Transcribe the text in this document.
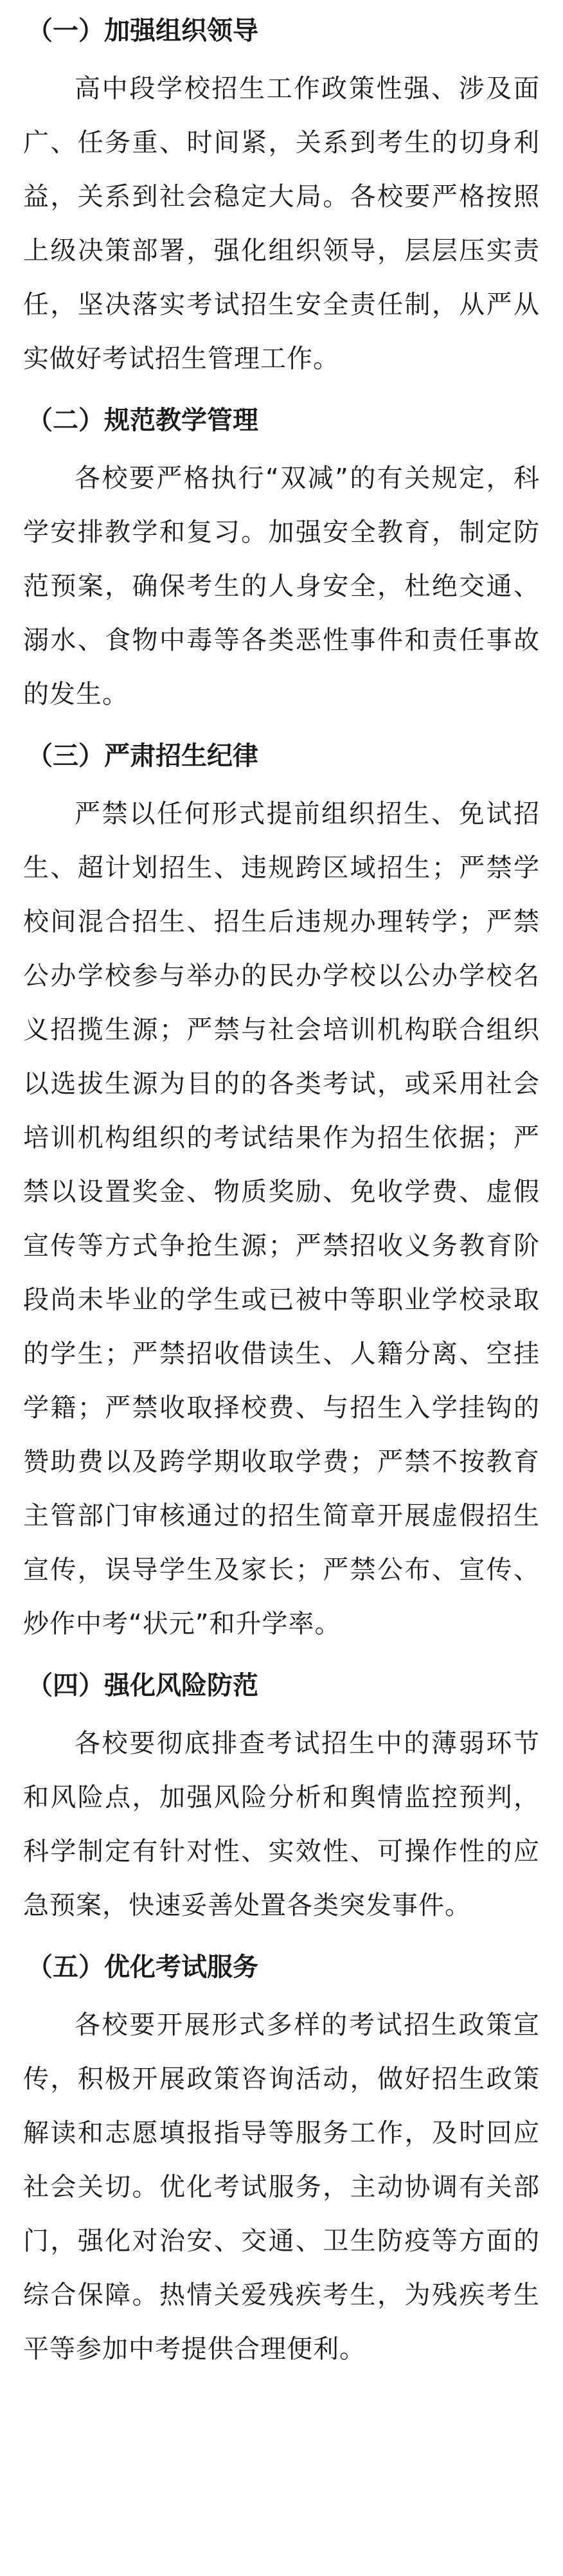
（一）加强组织领导

高中段学校招生工作政策性强、涉及面广、任务重、时间紧，关系到考生的切身利益，关系到社会稳定大局。各校要严格按照上级决策部署，强化组织领导，层层压实责任，坚决落实考试招生安全责任制，从严从实做好考试招生管理工作。

（二）规范教学管理

各校要严格执行“双减”的有关规定，科学安排教学和复习。加强安全教育，制定防范预案，确保考生的人身安全，杜绝交通、溺水、食物中毒等各类恶性事件和责任事故的发生。

（三）严肃招生纪律

严禁以任何形式提前组织招生、免试招生、超计划招生、违规跨区域招生；严禁学校间混合招生、招生后违规办理转学；严禁公办学校参与举办的民办学校以公办学校名义招揽生源；严禁与社会培训机构联合组织以选拔生源为目的的各类考试，或采用社会培训机构组织的考试结果作为招生依据；严禁以设置奖金、物质奖励、免收学费、虚假宣传等方式争抢生源；严禁招收义务教育阶段尚未毕业的学生或已被中等职业学校录取的学生；严禁招收借读生、人籍分离、空挂学籍；严禁收取择校费、与招生入学挂钩的赞助费以及跨学期收取学费；严禁不按教育主管部门审核通过的招生简章开展虚假招生宣传，误导学生及家长；严禁公布、宣传、炒作中考“状元”和升学率。

（四）强化风险防范

各校要彻底排查考试招生中的薄弱环节和风险点，加强风险分析和舆情监控预判，科学制定有针对性、实效性、可操作性的应急预案，快速妥善处置各类突发事件。

（五）优化考试服务

各校要开展形式多样的考试招生政策宣传，积极开展政策咨询活动，做好招生政策解读和志愿填报指导等服务工作，及时回应社会关切。优化考试服务，主动协调有关部门，强化对治安、交通、卫生防疫等方面的综合保障。热情关爱残疾考生，为残疾考生平等参加中考提供合理便利。
